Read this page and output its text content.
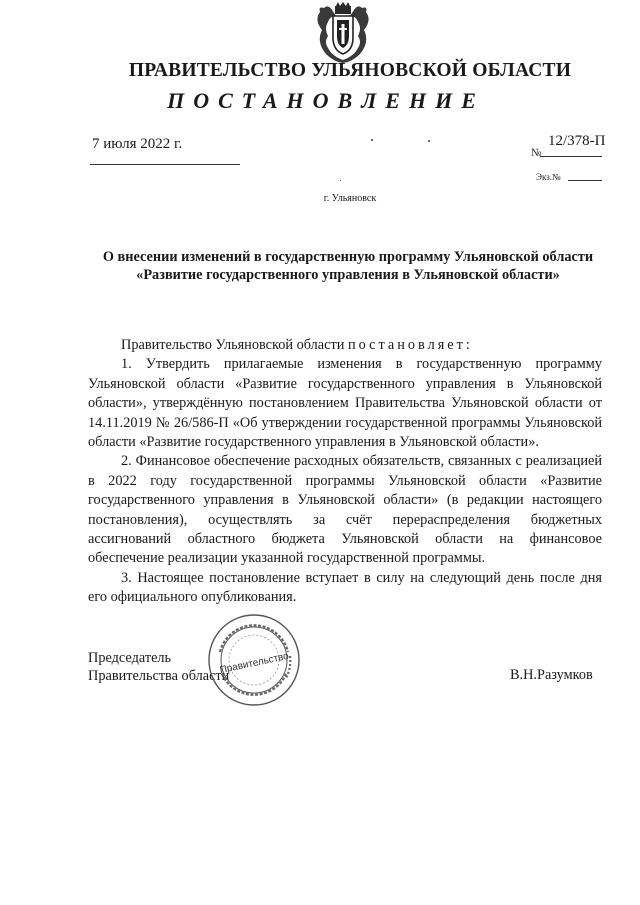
ПРАВИТЕЛЬСТВО УЛЬЯНОВСКОЙ ОБЛАСТИ
ПОСТАНОВЛЕНИЕ
7 июля 2022 г.	12/378-П
№
Экз.№
г. Ульяновск
О внесении изменений в государственную программу Ульяновской области «Развитие государственного управления в Ульяновской области»

Правительство Ульяновской области постановляет:

1. Утвердить прилагаемые изменения в государственную программу Ульяновской области «Развитие государственного управления в Ульяновской области», утверждённую постановлением Правительства Ульяновской области от 14.11.2019 № 26/586-П «Об утверждении государственной программы Ульяновской области «Развитие государственного управления в Ульяновской области».

2. Финансовое обеспечение расходных обязательств, связанных с реализацией в 2022 году государственной программы Ульяновской области «Развитие государственного управления в Ульяновской области» (в редакции настоящего постановления), осуществлять за счёт перераспределения бюджетных ассигнований областного бюджета Ульяновской области на финансовое обеспечение реализации указанной государственной программы.

3. Настоящее постановление вступает в силу на следующий день после дня его официального опубликования.

Председатель
Правительства области
Правительство	В.Н.Разумков
